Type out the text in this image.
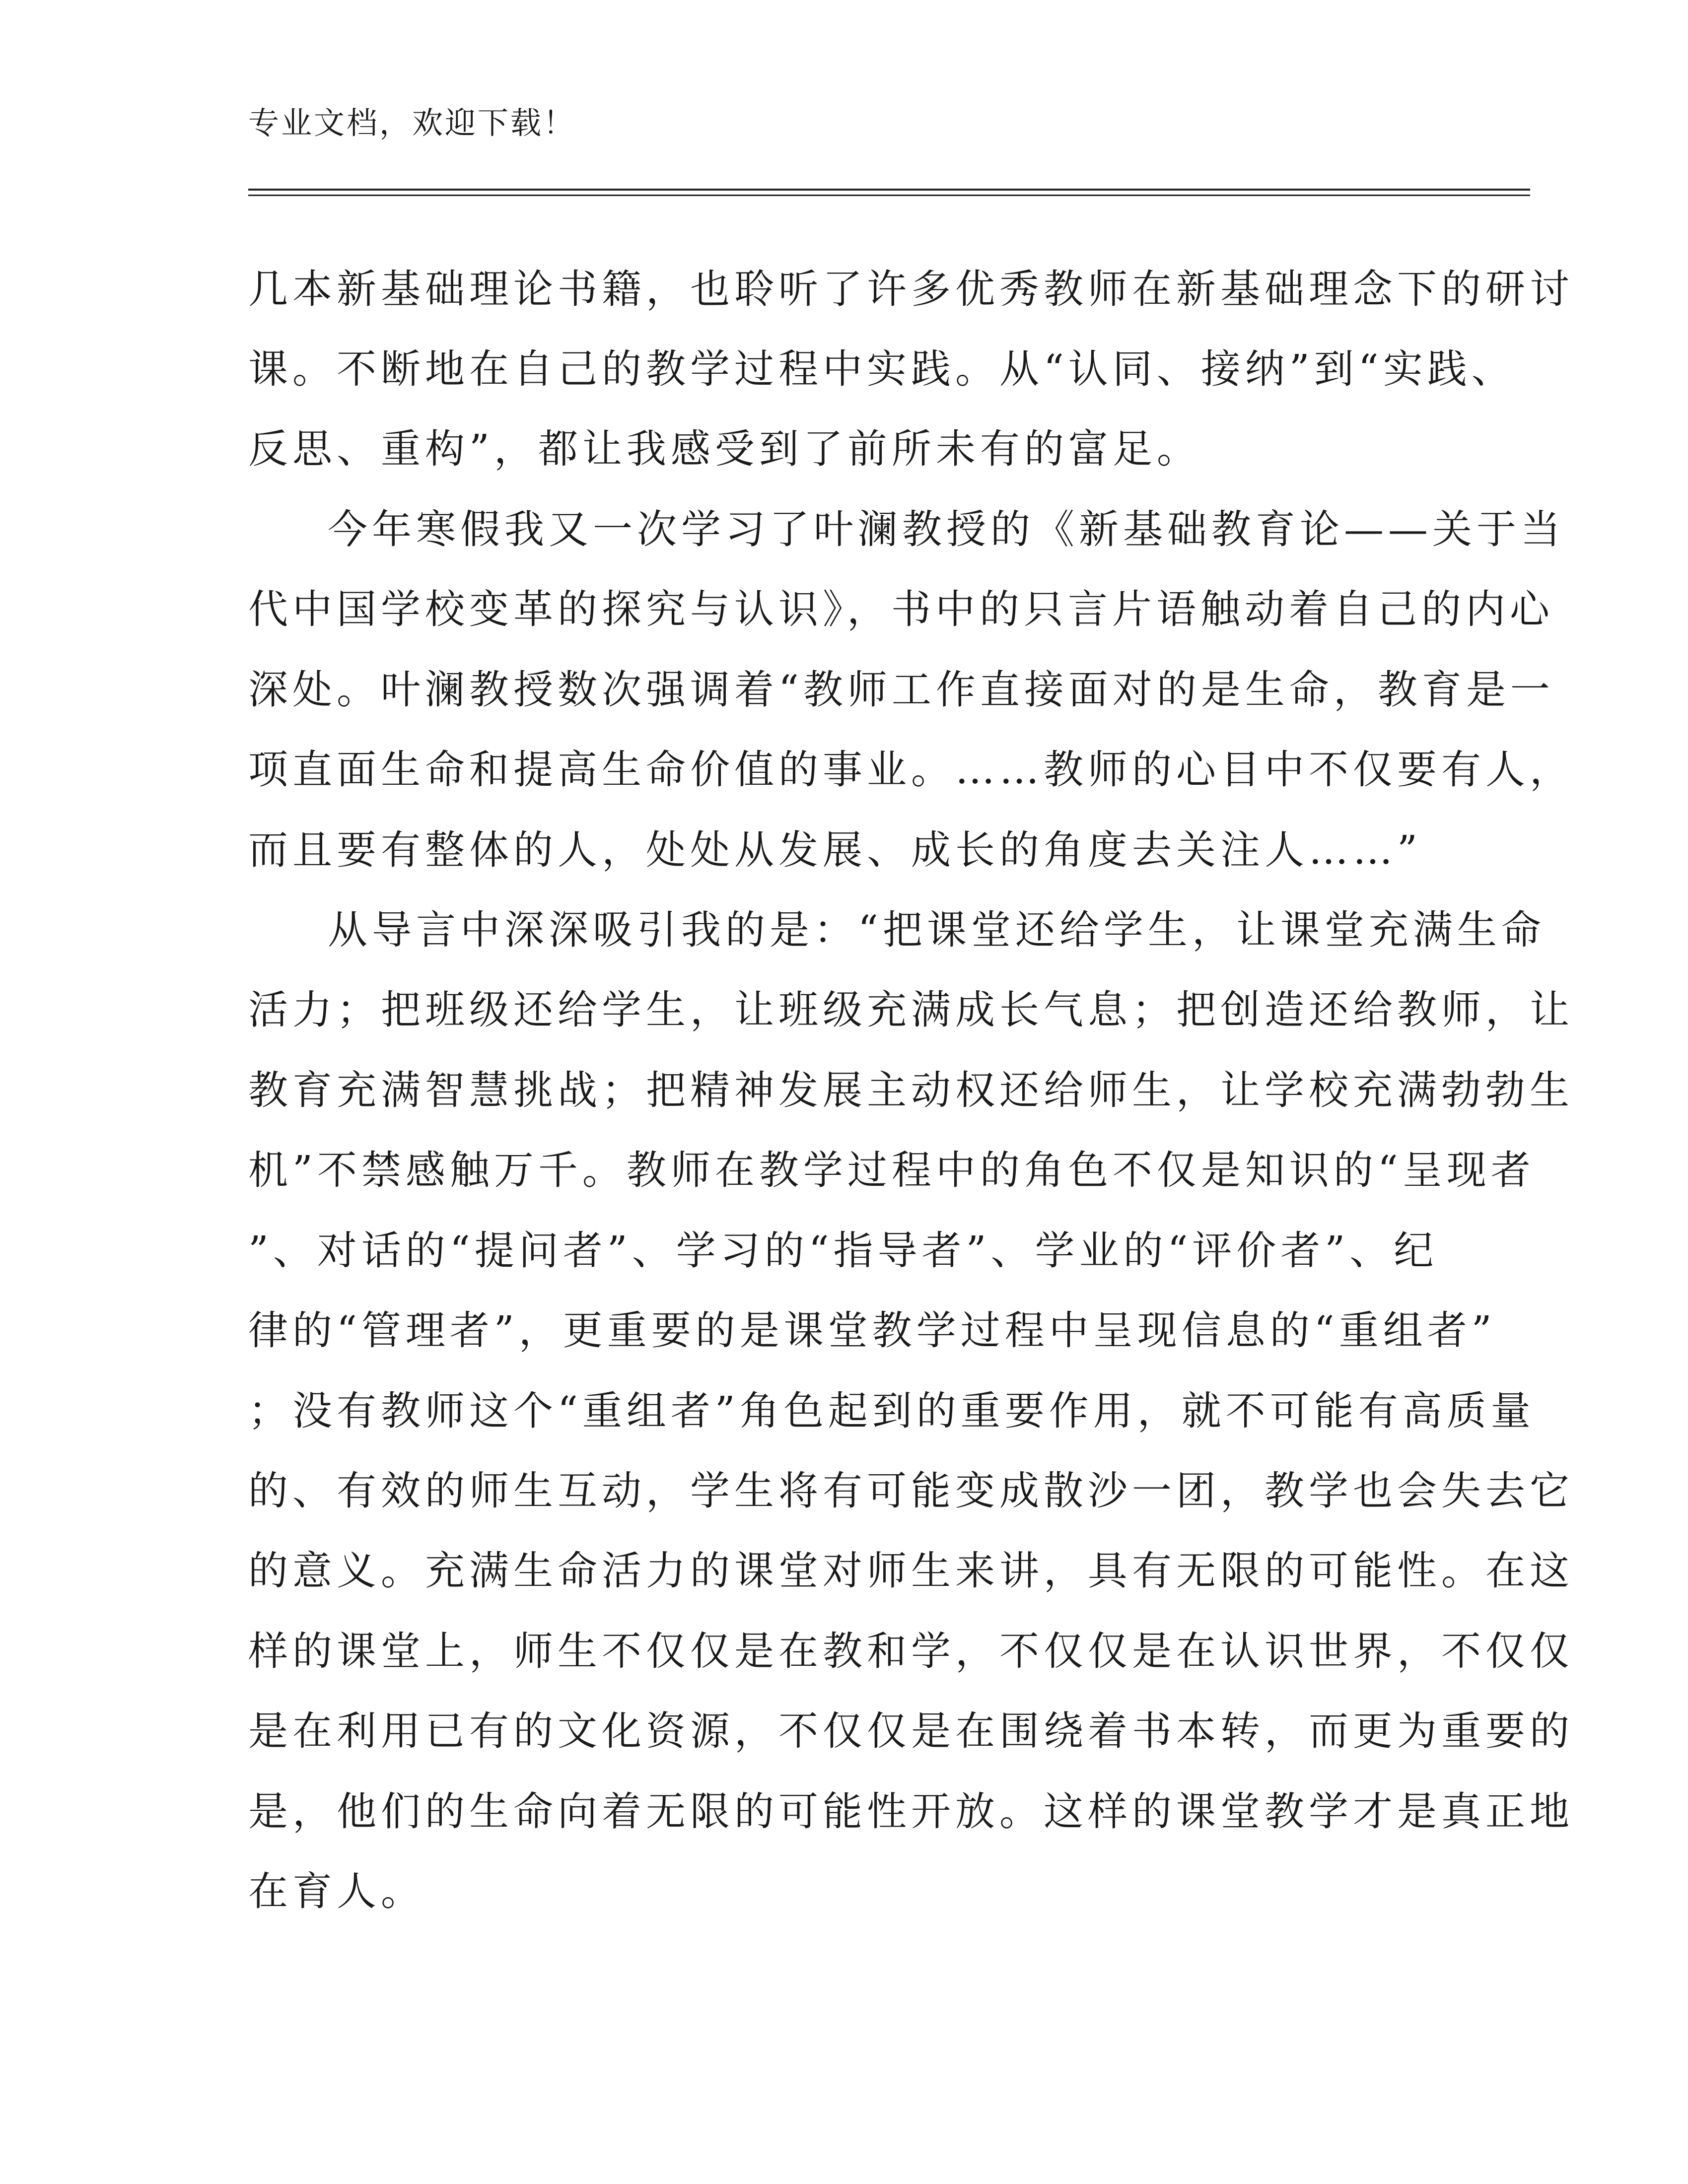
专业文档，欢迎下载！
几本新基础理论书籍，也聆听了许多优秀教师在新基础理念下的研讨
课。不断地在自己的教学过程中实践。从“认同、接纳”到“实践、
反思、重构”，都让我感受到了前所未有的富足。
今年寒假我又一次学习了叶澜教授的《新基础教育论——关于当
代中国学校变革的探究与认识》，书中的只言片语触动着自己的内心
深处。叶澜教授数次强调着“教师工作直接面对的是生命，教育是一
项直面生命和提高生命价值的事业。……教师的心目中不仅要有人，
而且要有整体的人，处处从发展、成长的角度去关注人……”
从导言中深深吸引我的是：“把课堂还给学生，让课堂充满生命
活力；把班级还给学生，让班级充满成长气息；把创造还给教师，让
教育充满智慧挑战；把精神发展主动权还给师生，让学校充满勃勃生
机”不禁感触万千。教师在教学过程中的角色不仅是知识的“呈现者
”、对话的“提问者”、学习的“指导者”、学业的“评价者”、纪
律的“管理者”，更重要的是课堂教学过程中呈现信息的“重组者”
；没有教师这个“重组者”角色起到的重要作用，就不可能有高质量
的、有效的师生互动，学生将有可能变成散沙一团，教学也会失去它
的意义。充满生命活力的课堂对师生来讲，具有无限的可能性。在这
样的课堂上，师生不仅仅是在教和学，不仅仅是在认识世界，不仅仅
是在利用已有的文化资源，不仅仅是在围绕着书本转，而更为重要的
是，他们的生命向着无限的可能性开放。这样的课堂教学才是真正地
在育人。
